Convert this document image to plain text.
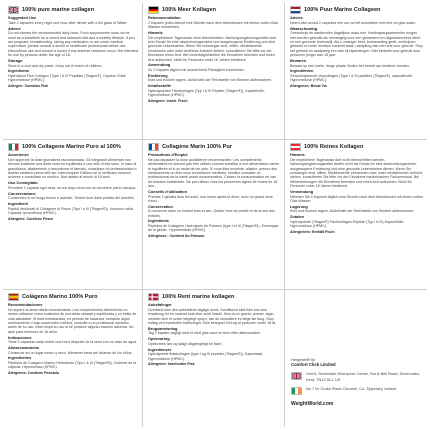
100% pure marine collagen
Suggested Use

Take 2 capsules every night one hour after dinner with a full glass of Water.

Advice

Do not exceed the recommended daily dose. Food supplements must not be used as a substitute for a varied and balanced diet and a healthy lifestyle. If you are pregnant, breastfeeding, taking any medication or are under medical supervision, please consult a doctor or healthcare professional before use. Discontinue use and consult a doctor if any adverse reactions occur. Not intended for use by persons under the age of 18.

Storage

Store in a cool and dry place. Keep out of reach of children.

Ingredients

Hydrolysed Fish Collagen (Type I & III Peptides (Tilagen®), Capsule Shell: Hypromellose (HPMC).

Allergen: Contains Fish

100% Meer Kollagen
Rekommendation

2 Kapseln jeden Abend eine Stunde nach dem Abendessen mit einem vollen Glas Wasser einnehmen.

Hinweis

Die empfohlene Tagesdosis nicht überschreiten. Nahrungsergänzungsmittel sind kein Ersatz für eine abwechslungsreiche und ausgewogene Ernährung und eine gesunde Lebensweise. Wenn Sie schwanger sind, stillen, Medikamente einnehmen oder unter ärztlicher Aufsicht stehen, konsultieren Sie bitte vor der Einnahme einen Arzt. Bei Unverträglichkeiten die Einnahme beenden und einen Arzt aufsuchen. Nicht für Personen unter 18 Jahren bestimmt.

Anwendung

Zu 2 Kapseln täglich mit ausreichend Flüssigkeit einnehmen.

Ernährung

Kühl und trocken lagern. Außerhalb der Reichweite von Kindern aufbewahren.

Inhaltsstoffe

Hydrolysiertes Fischkollagen (Typ I & III Peptide (Tilagen®)), Kapselhülle: Hypromellose (HPMC).

Allergene: Inneh. Fisch

100% Puur Marine Collageen
Advies

Neem elke avond 2 capsules een uur na het avondeten met een vol glas water.

Waarschuwing

Overschrijd de aanbevolen dagelijkse dosis niet. Voedingssupplementen mogen niet worden gebruikt als vervanging voor een gevarieerd en uitgebalanceerd dieet en een gezonde levensstijl. Als u zwanger bent, borstvoeding geeft, medicijnen gebruikt of onder medisch toezicht staat, raadpleeg dan een arts voor gebruik. Stop het gebruik en raadpleeg een arts bij bijwerkingen. Niet bedoeld voor gebruik door personen jonger dan 18 jaar.

Bewaren

Bewaar op een koele, droge plaats. Buiten het bereik van kinderen houden.

Ingrediënten

Gehydrolyseerde visvoollagen (Type I & III peptiden (Tilagen®), capsulehulle: Hypromellose (HPMC).

Allergenen: Bevat Vis

100% Collagene Marino Puro al 100%
Avvertenze

Non superare la dose giornaliera raccomandata. Gli integratori alimentari non devono sostituire una dieta varia ed equilibrata e uno stile di vita sano. In caso di gravidanza, allattamento o assunzione di farmaci, consultare un professionista in ambito sanitario prima dell'uso. Interrompere l'utilizzo se si verificano reazioni avverse e consultare un medico. Non adatto ai minori di 18 anni.

Uso Consigliato

Prendere 2 capsule ogni sera, un'ora dopo cena con un bicchiere pieno d'acqua.

Conservazione

Conservare in un luogo fresco e asciutto. Tenere fuori dalla portata dei bambini.

Ingredienti

Peptidi Idrolizzati di Collagene di Pesce (Tipo I e III (Tilagen®)), Involucro della Capsula: Ipromellosa (HPMC).

Allergene: Contiene Pesce

Collagène Marin 100% Pur
Précautions d'Emploi

Ne pas dépasser la dose quotidienne recommandée. Les compléments alimentaires ne doivent pas être utilisés comme substitut à une alimentation variée et équilibrée et à un mode de vie sain. Si vous êtes enceinte, allaitez, prenez des médicaments ou êtes sous surveillance médicale, veuillez consulter un professionnel de la santé avant consommation. Cessez la consommation en cas de réaction indésirable. Ne pas utiliser chez les personnes âgées de moins de 18 ans.

Conseils d'utilisation

Prendre 2 gélules tous les soirs, une heure après le dîner, avec un grand verre d'eau.

Conservation

À conserver dans un endroit frais et sec. Garder hors de portée et de la vue des enfants.

Ingrédients

Peptides de Collagène Hydrolysés de Poisson (type I et III (Tilagen®)), Enveloppe de la gélule : Hypromellose (HPMC).

Allergènes : Contient du Poisson

100% Reines Kollagen
Hinweis

Die empfohlene Tagesdosis darf nicht überschritten werden. Nahrungsergänzungsmittel dürfen nicht als Ersatz für eine abwechslungsreiche, ausgewogene Ernährung und eine gesunde Lebensweise dienen. Wenn Sie schwanger sind, stillen, Medikamente einnehmen oder unter medizinischer Aufsicht stehen, konsultieren Sie bitte vor der Einnahme medizinisches Fachpersonal. Bei Nebenwirkungen die Einnahme beenden und einen Arzt aufsuchen. Nicht für Personen unter 18 Jahren bestimmt.

Verwendung

Nehmen Sie 2 Kapseln täglich eine Stunde nach dem Abendessen mit einem vollen Glas Wasser.

Lagerung

Kühl und trocken lagern. Außerhalb der Reichweite von Kindern aufbewahren.

Zutaten

Hydrolysierte (Tilagen®) Fischkollagen-Peptide (Typ I & III) Kapselhülle: Hypromellose (HPMC).

Allergieinfo: Enthält Fisch

Colágeno Marino 100% Puro
Recomendaciones

No supere la dosis diaria recomendada. Los complementos alimenticios no deben utilizarse como sustitutos de una dieta variada y equilibrada y un estilo de vida saludable. Si está embarazada, en periodo de lactancia, tomando algún medicamento o bajo supervisión médica, consulte a un profesional sanitario antes de su uso. Interrumpa su uso si se produce alguna reacción adversa. No apto para menores de 18 años.

Indicaciones

Tome 2 cápsulas cada noche una hora después de la cena con un vaso de agua.

Almacenamiento

Conservar en un lugar fresco y seco. Mantener fuera del alcance de los niños.

Ingredientes

Péptidos de Colágeno Marino Hidrolizado (Tipo I & III (Tilagen®)), Cubierta de la cápsula: Hipromelosa (HPMC).

Alérgenos: Contiene Pescado

100% Rent marine kollagen
Anbefalinger

Overskrid ikke den anbefalede daglige dosis. Kosttilskud skal ikke ses som erstatning for en varieret kost eller sund livsstil. Hvis du er gravid, ammer, tager medicin eller er under lægeligt opsyn, bør du konsultere en læge før brug. Stop indtag ved eventuelle bivirkninger. Ikke beregnet til brug af personer under 18 år.

Brugsanvisning

Tag 2 kapsler dagligt med et stort glas vand en time efter aftensmaden.

Opbevaring

Opbevares tørt og køligt utilgængeligt for børn.

Ingredienser

Hydrolyseret fiskekollagen (type I og III peptider (Tilagen®)), Kapselskal: Hypromellose (HPMC).

Allergener: Indeholder Fisk

Hergestellt für
Comfort Click Limited
Unit 6, Sevenside Enterprise Centre, Bol & Bell Road, Sevenoaks, Kent, TN14 5LJ, UK
No 7 Dr Croke Place Clonmel, Co. Tipperary, Ireland
WeightWorld.com
